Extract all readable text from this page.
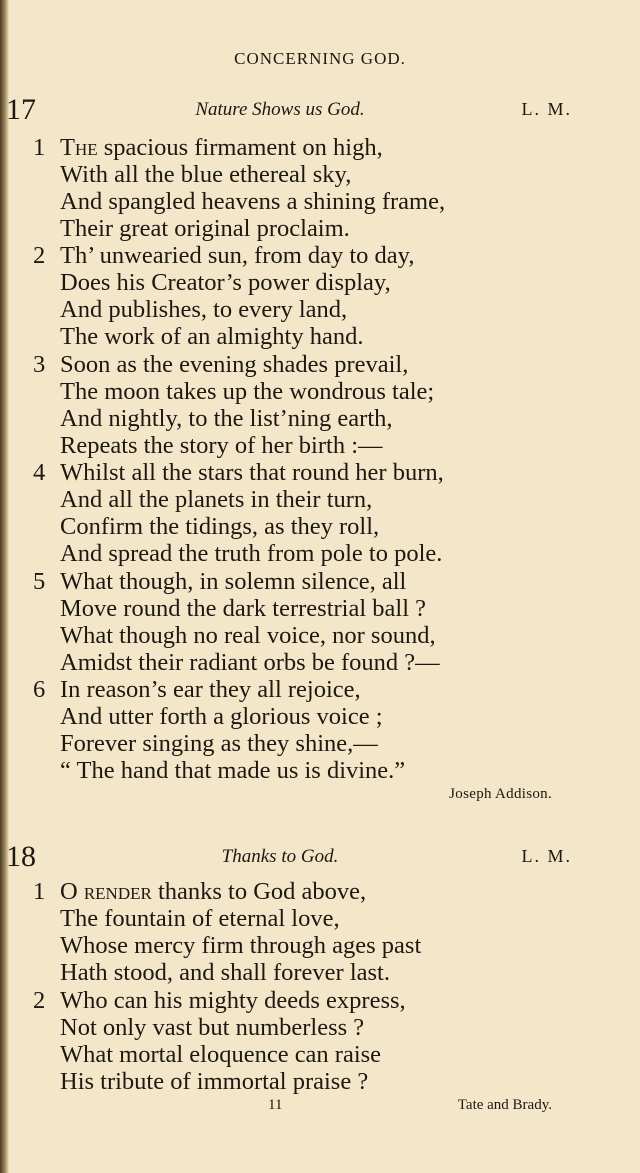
CONCERNING GOD.
17	Nature Shows us God.	L. M.
1 The spacious firmament on high,
With all the blue ethereal sky,
And spangled heavens a shining frame,
Their great original proclaim.
2 Th’ unwearied sun, from day to day,
Does his Creator’s power display,
And publishes, to every land,
The work of an almighty hand.
3 Soon as the evening shades prevail,
The moon takes up the wondrous tale;
And nightly, to the list’ning earth,
Repeats the story of her birth :—
4 Whilst all the stars that round her burn,
And all the planets in their turn,
Confirm the tidings, as they roll,
And spread the truth from pole to pole.
5 What though, in solemn silence, all
Move round the dark terrestrial ball ?
What though no real voice, nor sound,
Amidst their radiant orbs be found ?—
6 In reason’s ear they all rejoice,
And utter forth a glorious voice ;
Forever singing as they shine,—
“ The hand that made us is divine.”
Joseph Addison.
18	Thanks to God.	L. M.
1 O render thanks to God above,
The fountain of eternal love,
Whose mercy firm through ages past
Hath stood, and shall forever last.
2 Who can his mighty deeds express,
Not only vast but numberless ?
What mortal eloquence can raise
His tribute of immortal praise ?
11	Tate and Brady.
